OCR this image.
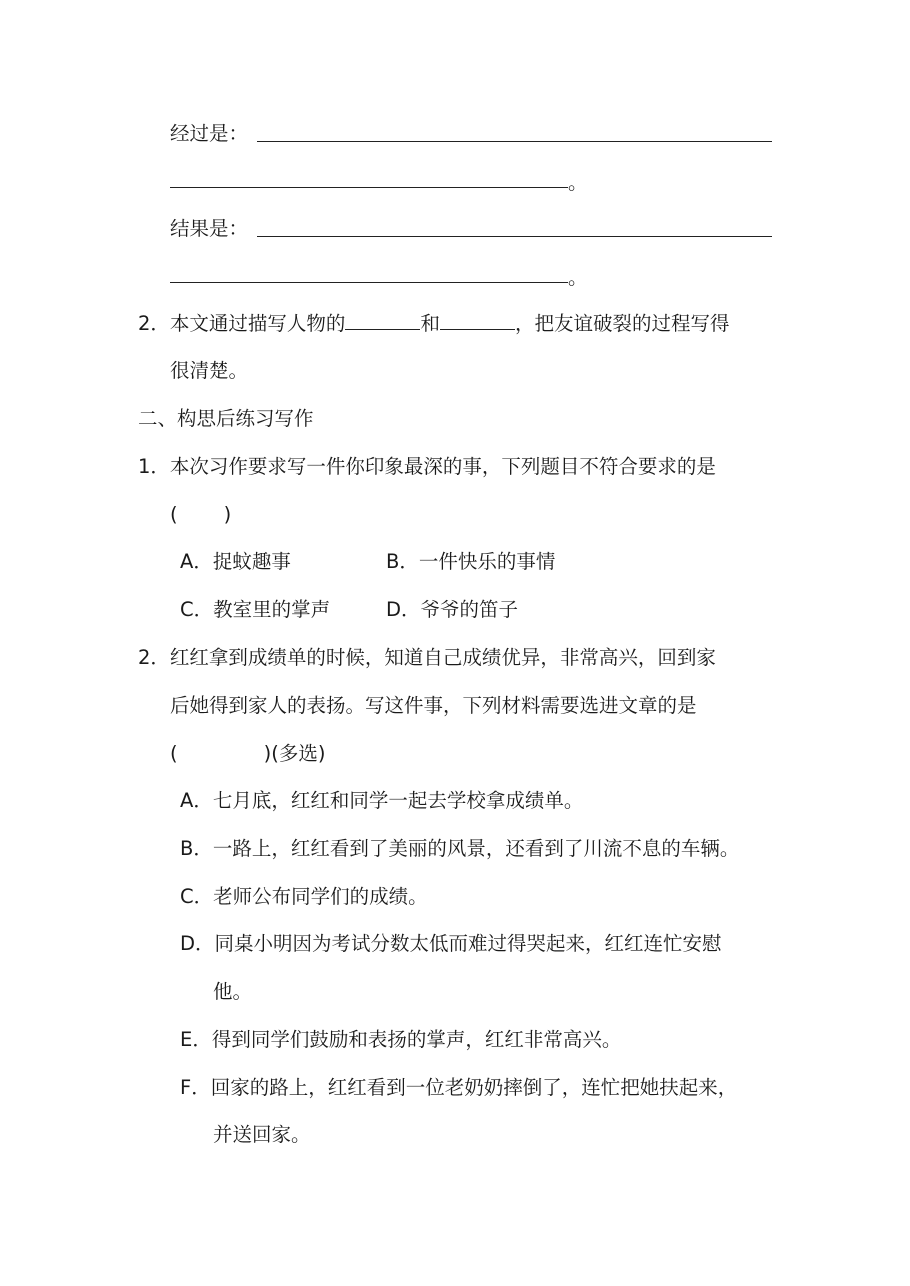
经过是：
。
结果是：
。
2．本文通过描写人物的	和	，把友谊破裂的过程写得
很清楚。
二、构思后练习写作
1．本次习作要求写一件你印象最深的事，下列题目不符合要求的是
( )
A．捉蚊趣事	B．一件快乐的事情
C．教室里的掌声	D．爷爷的笛子
2．红红拿到成绩单的时候，知道自己成绩优异，非常高兴，回到家
后她得到家人的表扬。写这件事，下列材料需要选进文章的是
(	)(多选)
A．七月底，红红和同学一起去学校拿成绩单。
B．一路上，红红看到了美丽的风景，还看到了川流不息的车辆。
C．老师公布同学们的成绩。
D．同桌小明因为考试分数太低而难过得哭起来，红红连忙安慰
他。
E．得到同学们鼓励和表扬的掌声，红红非常高兴。
F．回家的路上，红红看到一位老奶奶摔倒了，连忙把她扶起来，
并送回家。
